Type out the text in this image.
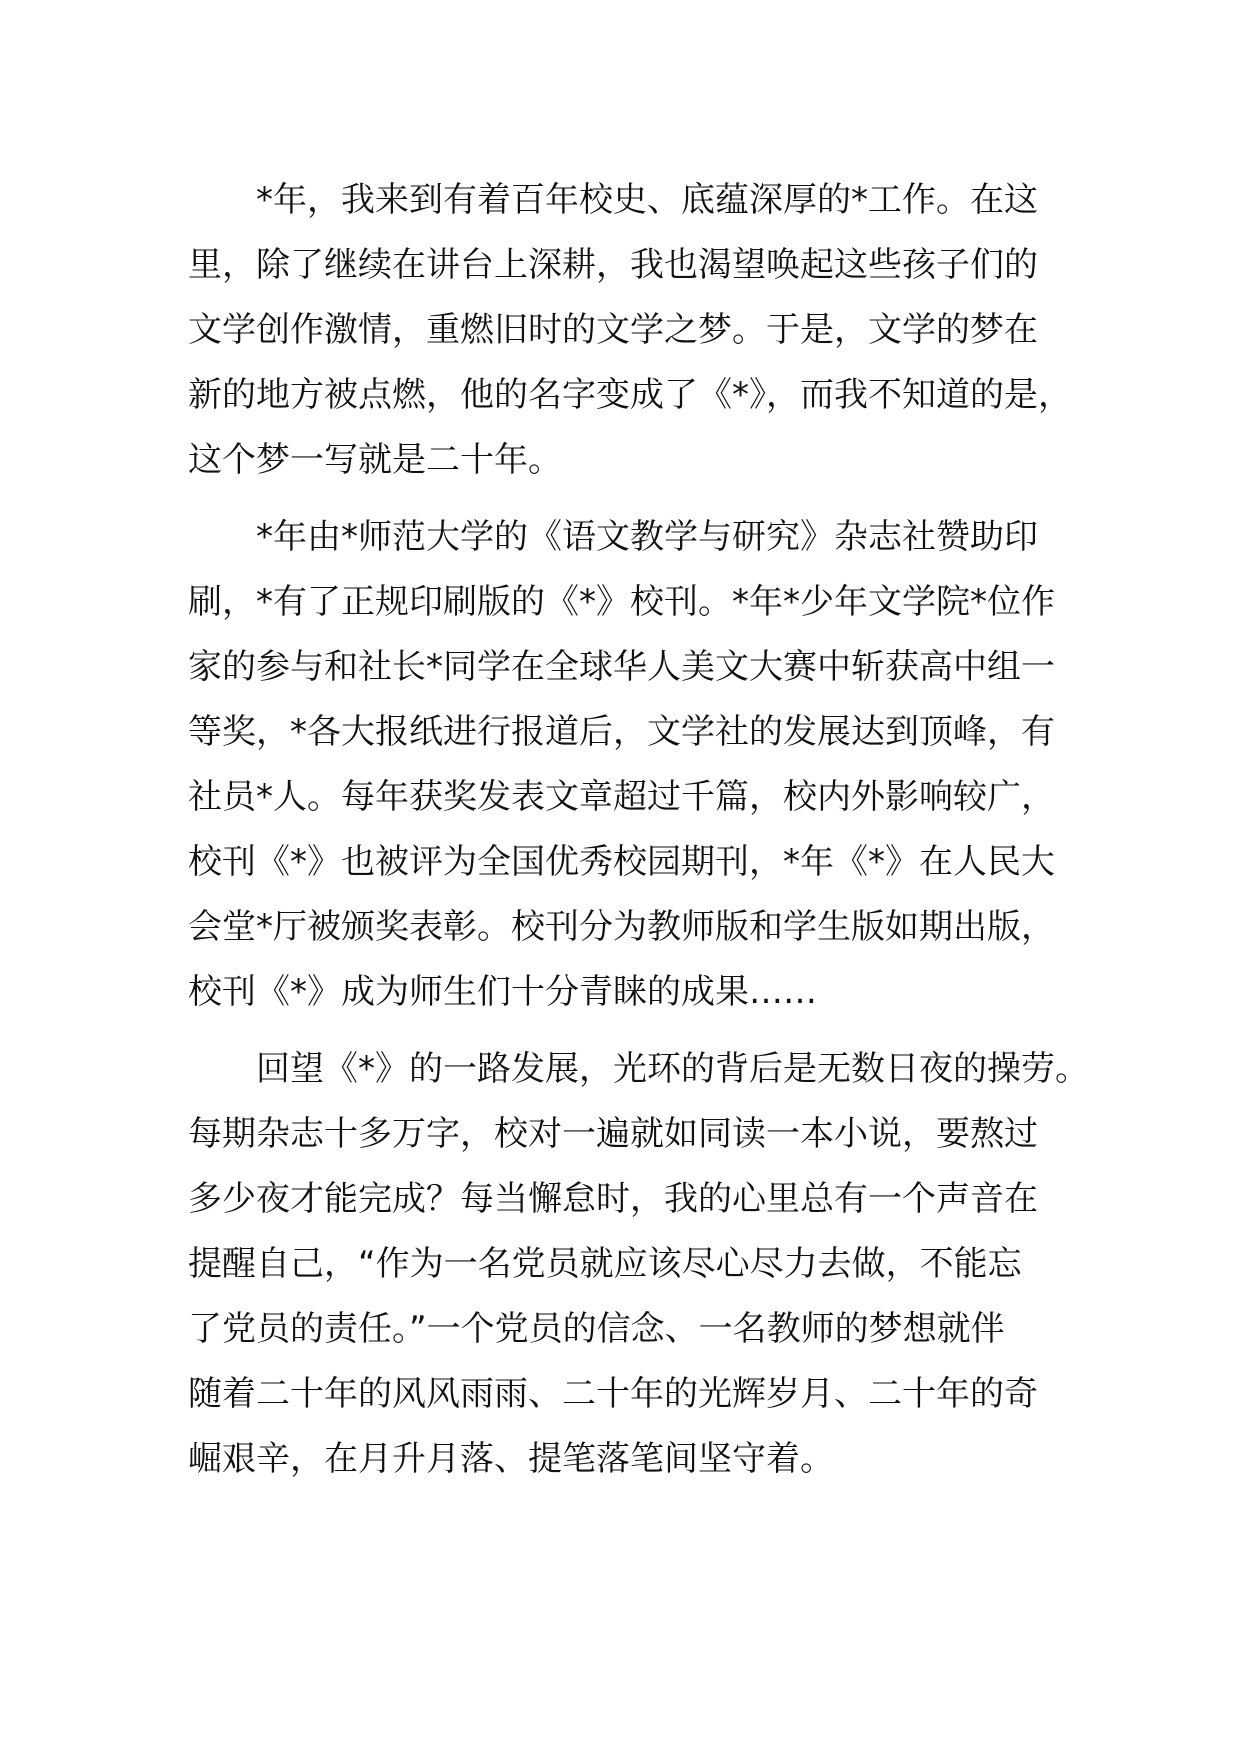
*年，我来到有着百年校史、底蕴深厚的*工作。在这
里，除了继续在讲台上深耕，我也渴望唤起这些孩子们的
文学创作激情，重燃旧时的文学之梦。于是，文学的梦在
新的地方被点燃，他的名字变成了《*》，而我不知道的是，
这个梦一写就是二十年。
*年由*师范大学的《语文教学与研究》杂志社赞助印
刷，*有了正规印刷版的《*》校刊。*年*少年文学院*位作
家的参与和社长*同学在全球华人美文大赛中斩获高中组一
等奖，*各大报纸进行报道后，文学社的发展达到顶峰，有
社员*人。每年获奖发表文章超过千篇，校内外影响较广，
校刊《*》也被评为全国优秀校园期刊，*年《*》在人民大
会堂*厅被颁奖表彰。校刊分为教师版和学生版如期出版，
校刊《*》成为师生们十分青睐的成果……
回望《*》的一路发展，光环的背后是无数日夜的操劳。
每期杂志十多万字，校对一遍就如同读一本小说，要熬过
多少夜才能完成？每当懈怠时，我的心里总有一个声音在
提醒自己，“作为一名党员就应该尽心尽力去做，不能忘
了党员的责任。”一个党员的信念、一名教师的梦想就伴
随着二十年的风风雨雨、二十年的光辉岁月、二十年的奇
崛艰辛，在月升月落、提笔落笔间坚守着。
